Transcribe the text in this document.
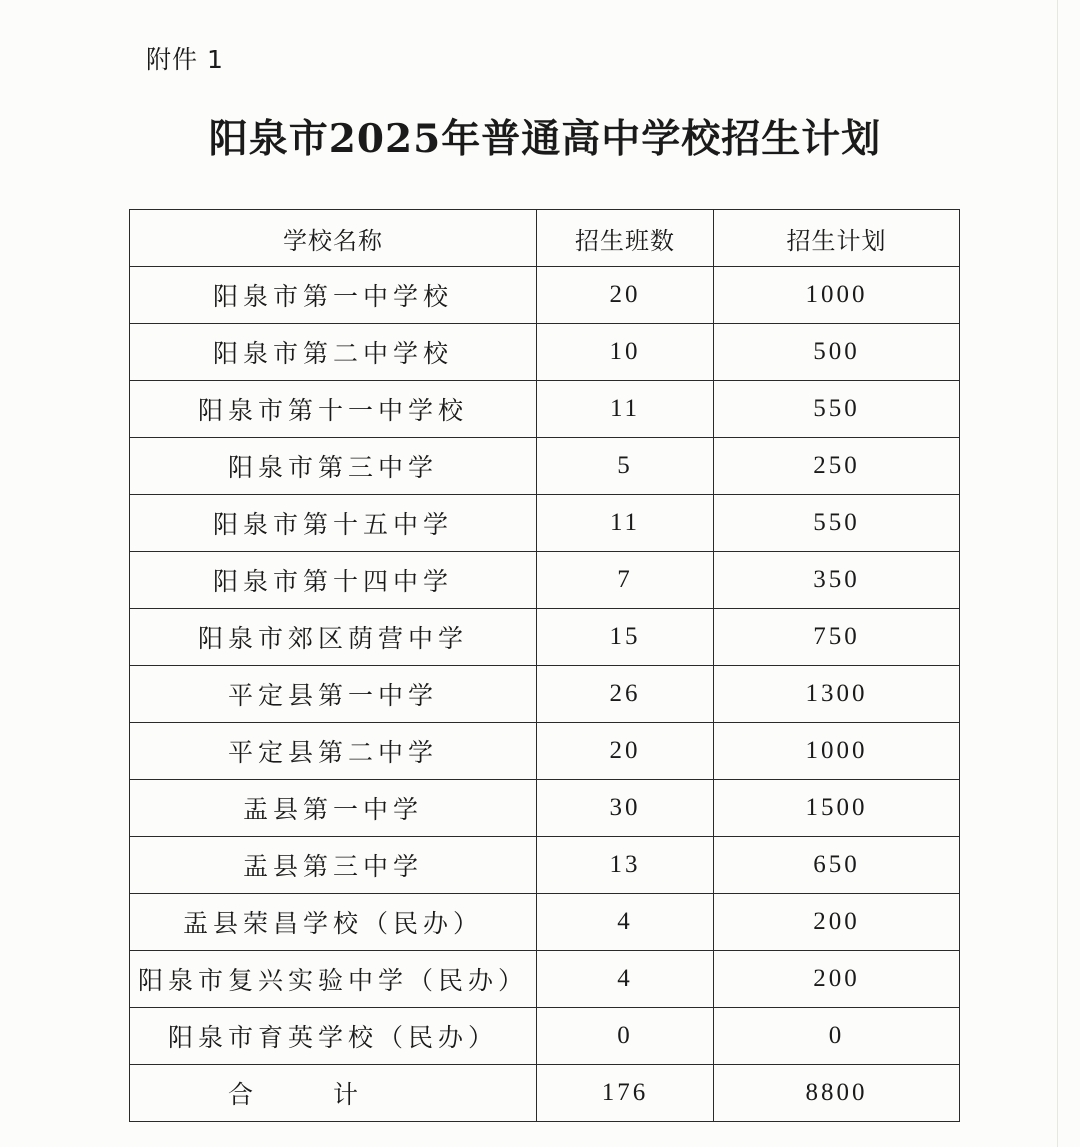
附件 1
阳泉市2025年普通高中学校招生计划
学校名称	招生班数	招生计划
阳泉市第一中学校	20	1000
阳泉市第二中学校	10	500
阳泉市第十一中学校	11	550
阳泉市第三中学	5	250
阳泉市第十五中学	11	550
阳泉市第十四中学	7	350
阳泉市郊区荫营中学	15	750
平定县第一中学	26	1300
平定县第二中学	20	1000
盂县第一中学	30	1500
盂县第三中学	13	650
盂县荣昌学校（民办）	4	200
阳泉市复兴实验中学（民办）	4	200
阳泉市育英学校（民办）	0	0
合计	176	8800
